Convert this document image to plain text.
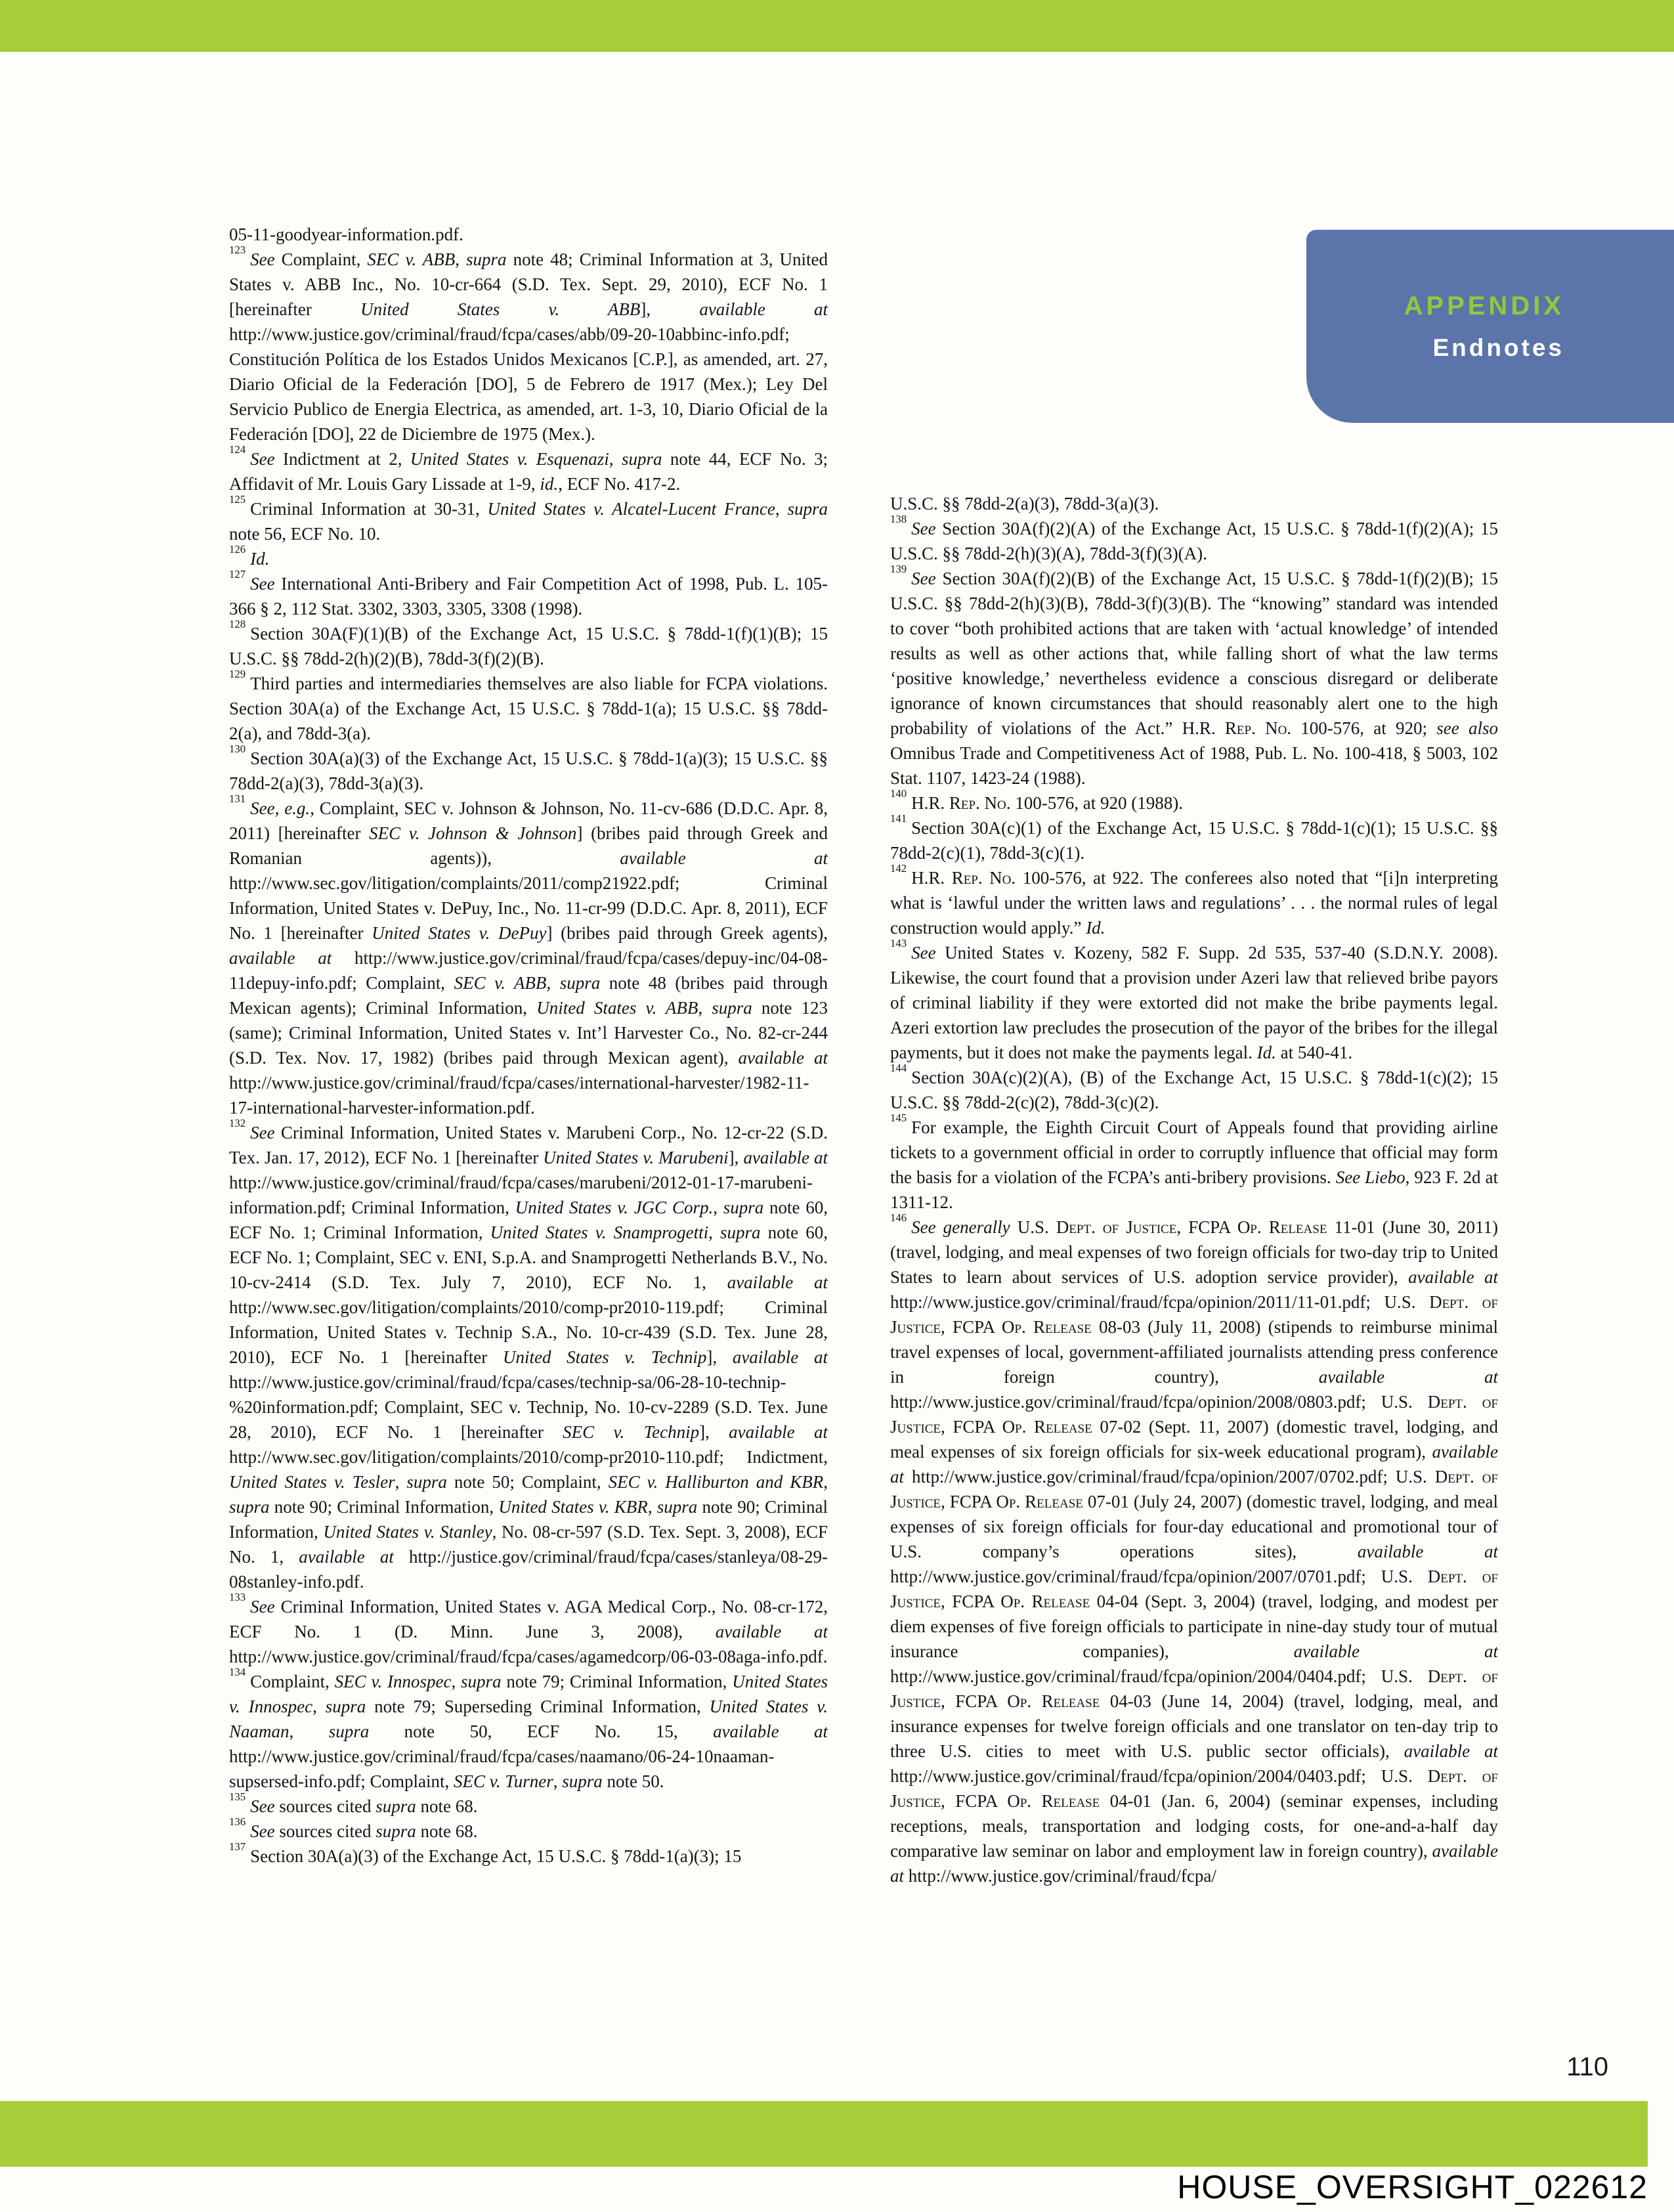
APPENDIX
Endnotes
05-11-goodyear-information.pdf.
$^{123}$ See Complaint, SEC v. ABB, supra note 48; Criminal Information at 3, United States v. ABB Inc., No. 10-cr-664 (S.D. Tex. Sept. 29, 2010), ECF No. 1 [hereinafter United States v. ABB], available at http://www.justice.gov/criminal/fraud/fcpa/cases/abb/09-20-10abbinc-info.pdf; Constitución Política de los Estados Unidos Mexicanos [C.P.], as amended, art. 27, Diario Oficial de la Federación [DO], 5 de Febrero de 1917 (Mex.); Ley Del Servicio Publico de Energia Electrica, as amended, art. 1-3, 10, Diario Oficial de la Federación [DO], 22 de Diciembre de 1975 (Mex.).
$^{124}$ See Indictment at 2, United States v. Esquenazi, supra note 44, ECF No. 3; Affidavit of Mr. Louis Gary Lissade at 1-9, id., ECF No. 417-2.
$^{125}$ Criminal Information at 30-31, United States v. Alcatel-Lucent France, supra note 56, ECF No. 10.
$^{126}$ Id.
$^{127}$ See International Anti-Bribery and Fair Competition Act of 1998, Pub. L. 105-366 § 2, 112 Stat. 3302, 3303, 3305, 3308 (1998).
$^{128}$ Section 30A(F)(1)(B) of the Exchange Act, 15 U.S.C. § 78dd-1(f)(1)(B); 15 U.S.C. §§ 78dd-2(h)(2)(B), 78dd-3(f)(2)(B).
$^{129}$ Third parties and intermediaries themselves are also liable for FCPA violations. Section 30A(a) of the Exchange Act, 15 U.S.C. § 78dd-1(a); 15 U.S.C. §§ 78dd-2(a), and 78dd-3(a).
$^{130}$ Section 30A(a)(3) of the Exchange Act, 15 U.S.C. § 78dd-1(a)(3); 15 U.S.C. §§ 78dd-2(a)(3), 78dd-3(a)(3).
$^{131}$ See, e.g., Complaint, SEC v. Johnson & Johnson, No. 11-cv-686 (D.D.C. Apr. 8, 2011) [hereinafter SEC v. Johnson & Johnson] (bribes paid through Greek and Romanian agents)), available at http://www.sec.gov/litigation/complaints/2011/comp21922.pdf; Criminal Information, United States v. DePuy, Inc., No. 11-cr-99 (D.D.C. Apr. 8, 2011), ECF No. 1 [hereinafter United States v. DePuy] (bribes paid through Greek agents), available at http://www.justice.gov/criminal/fraud/fcpa/cases/depuy-inc/04-08-11depuy-info.pdf; Complaint, SEC v. ABB, supra note 48 (bribes paid through Mexican agents); Criminal Information, United States v. ABB, supra note 123 (same); Criminal Information, United States v. Int’l Harvester Co., No. 82-cr-244 (S.D. Tex. Nov. 17, 1982) (bribes paid through Mexican agent), available at http://www.justice.gov/criminal/fraud/fcpa/cases/international-harvester/1982-11-17-international-harvester-information.pdf.
$^{132}$ See Criminal Information, United States v. Marubeni Corp., No. 12-cr-22 (S.D. Tex. Jan. 17, 2012), ECF No. 1 [hereinafter United States v. Marubeni], available at http://www.justice.gov/criminal/fraud/fcpa/cases/marubeni/2012-01-17-marubeni-information.pdf; Criminal Information, United States v. JGC Corp., supra note 60, ECF No. 1; Criminal Information, United States v. Snamprogetti, supra note 60, ECF No. 1; Complaint, SEC v. ENI, S.p.A. and Snamprogetti Netherlands B.V., No. 10-cv-2414 (S.D. Tex. July 7, 2010), ECF No. 1, available at http://www.sec.gov/litigation/complaints/2010/comp-pr2010-119.pdf; Criminal Information, United States v. Technip S.A., No. 10-cr-439 (S.D. Tex. June 28, 2010), ECF No. 1 [hereinafter United States v. Technip], available at http://www.justice.gov/criminal/fraud/fcpa/cases/technip-sa/06-28-10-technip-%20information.pdf; Complaint, SEC v. Technip, No. 10-cv-2289 (S.D. Tex. June 28, 2010), ECF No. 1 [hereinafter SEC v. Technip], available at http://www.sec.gov/litigation/complaints/2010/comp-pr2010-110.pdf; Indictment, United States v. Tesler, supra note 50; Complaint, SEC v. Halliburton and KBR, supra note 90; Criminal Information, United States v. KBR, supra note 90; Criminal Information, United States v. Stanley, No. 08-cr-597 (S.D. Tex. Sept. 3, 2008), ECF No. 1, available at http://justice.gov/criminal/fraud/fcpa/cases/stanleya/08-29-08stanley-info.pdf.
$^{133}$ See Criminal Information, United States v. AGA Medical Corp., No. 08-cr-172, ECF No. 1 (D. Minn. June 3, 2008), available at http://www.justice.gov/criminal/fraud/fcpa/cases/agamedcorp/06-03-08aga-info.pdf.
$^{134}$ Complaint, SEC v. Innospec, supra note 79; Criminal Information, United States v. Innospec, supra note 79; Superseding Criminal Information, United States v. Naaman, supra note 50, ECF No. 15, available at http://www.justice.gov/criminal/fraud/fcpa/cases/naamano/06-24-10naaman-supsersed-info.pdf; Complaint, SEC v. Turner, supra note 50.
$^{135}$ See sources cited supra note 68.
$^{136}$ See sources cited supra note 68.
$^{137}$ Section 30A(a)(3) of the Exchange Act, 15 U.S.C. § 78dd-1(a)(3); 15
U.S.C. §§ 78dd-2(a)(3), 78dd-3(a)(3).
$^{138}$ See Section 30A(f)(2)(A) of the Exchange Act, 15 U.S.C. § 78dd-1(f)(2)(A); 15 U.S.C. §§ 78dd-2(h)(3)(A), 78dd-3(f)(3)(A).
$^{139}$ See Section 30A(f)(2)(B) of the Exchange Act, 15 U.S.C. § 78dd-1(f)(2)(B); 15 U.S.C. §§ 78dd-2(h)(3)(B), 78dd-3(f)(3)(B). The “knowing” standard was intended to cover “both prohibited actions that are taken with ‘actual knowledge’ of intended results as well as other actions that, while falling short of what the law terms ‘positive knowledge,’ nevertheless evidence a conscious disregard or deliberate ignorance of known circumstances that should reasonably alert one to the high probability of violations of the Act.” H.R. Rep. No. 100-576, at 920; see also Omnibus Trade and Competitiveness Act of 1988, Pub. L. No. 100-418, § 5003, 102 Stat. 1107, 1423-24 (1988).
$^{140}$ H.R. Rep. No. 100-576, at 920 (1988).
$^{141}$ Section 30A(c)(1) of the Exchange Act, 15 U.S.C. § 78dd-1(c)(1); 15 U.S.C. §§ 78dd-2(c)(1), 78dd-3(c)(1).
$^{142}$ H.R. Rep. No. 100-576, at 922. The conferees also noted that “[i]n interpreting what is ‘lawful under the written laws and regulations’ . . . the normal rules of legal construction would apply.” Id.
$^{143}$ See United States v. Kozeny, 582 F. Supp. 2d 535, 537-40 (S.D.N.Y. 2008). Likewise, the court found that a provision under Azeri law that relieved bribe payors of criminal liability if they were extorted did not make the bribe payments legal. Azeri extortion law precludes the prosecution of the payor of the bribes for the illegal payments, but it does not make the payments legal. Id. at 540-41.
$^{144}$ Section 30A(c)(2)(A), (B) of the Exchange Act, 15 U.S.C. § 78dd-1(c)(2); 15 U.S.C. §§ 78dd-2(c)(2), 78dd-3(c)(2).
$^{145}$ For example, the Eighth Circuit Court of Appeals found that providing airline tickets to a government official in order to corruptly influence that official may form the basis for a violation of the FCPA’s anti-bribery provisions. See Liebo, 923 F. 2d at 1311-12.
$^{146}$ See generally U.S. Dept. of Justice, FCPA Op. Release 11-01 (June 30, 2011) (travel, lodging, and meal expenses of two foreign officials for two-day trip to United States to learn about services of U.S. adoption service provider), available at http://www.justice.gov/criminal/fraud/fcpa/opinion/2011/11-01.pdf; U.S. Dept. of Justice, FCPA Op. Release 08-03 (July 11, 2008) (stipends to reimburse minimal travel expenses of local, government-affiliated journalists attending press conference in foreign country), available at http://www.justice.gov/criminal/fraud/fcpa/opinion/2008/0803.pdf; U.S. Dept. of Justice, FCPA Op. Release 07-02 (Sept. 11, 2007) (domestic travel, lodging, and meal expenses of six foreign officials for six-week educational program), available at http://www.justice.gov/criminal/fraud/fcpa/opinion/2007/0702.pdf; U.S. Dept. of Justice, FCPA Op. Release 07-01 (July 24, 2007) (domestic travel, lodging, and meal expenses of six foreign officials for four-day educational and promotional tour of U.S. company’s operations sites), available at http://www.justice.gov/criminal/fraud/fcpa/opinion/2007/0701.pdf; U.S. Dept. of Justice, FCPA Op. Release 04-04 (Sept. 3, 2004) (travel, lodging, and modest per diem expenses of five foreign officials to participate in nine-day study tour of mutual insurance companies), available at http://www.justice.gov/criminal/fraud/fcpa/opinion/2004/0404.pdf; U.S. Dept. of Justice, FCPA Op. Release 04-03 (June 14, 2004) (travel, lodging, meal, and insurance expenses for twelve foreign officials and one translator on ten-day trip to three U.S. cities to meet with U.S. public sector officials), available at http://www.justice.gov/criminal/fraud/fcpa/opinion/2004/0403.pdf; U.S. Dept. of Justice, FCPA Op. Release 04-01 (Jan. 6, 2004) (seminar expenses, including receptions, meals, transportation and lodging costs, for one-and-a-half day comparative law seminar on labor and employment law in foreign country), available at http://www.justice.gov/criminal/fraud/fcpa/
110
HOUSE_OVERSIGHT_022612
